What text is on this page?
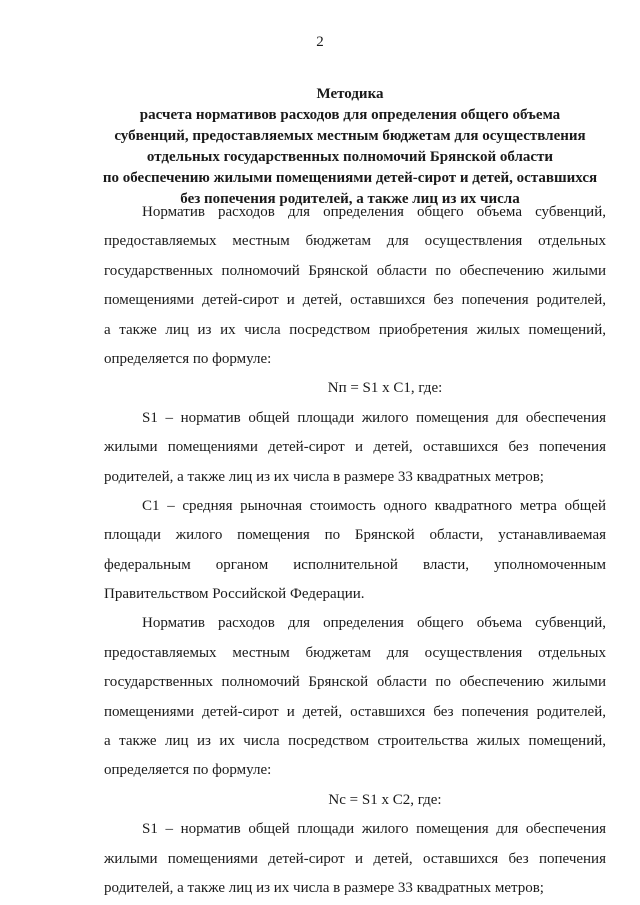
2
Методика
расчета нормативов расходов для определения общего объема
субвенций, предоставляемых местным бюджетам для осуществления
отдельных государственных полномочий Брянской области
по обеспечению жилыми помещениями детей-сирот и детей, оставшихся
без попечения родителей, а также лиц из их числа
Норматив расходов для определения общего объема субвенций,
предоставляемых местным бюджетам для осуществления отдельных
государственных полномочий Брянской области по обеспечению жилыми
помещениями детей-сирот и детей, оставшихся без попечения родителей,
а также лиц из их числа посредством приобретения жилых помещений,
определяется по формуле:
Nп = S1 х С1, где:
S1 – норматив общей площади жилого помещения для обеспечения
жилыми помещениями детей-сирот и детей, оставшихся без попечения
родителей, а также лиц из их числа в размере 33 квадратных метров;
С1 – средняя рыночная стоимость одного квадратного метра общей
площади жилого помещения по Брянской области, устанавливаемая
федеральным органом исполнительной власти, уполномоченным
Правительством Российской Федерации.
Норматив расходов для определения общего объема субвенций,
предоставляемых местным бюджетам для осуществления отдельных
государственных полномочий Брянской области по обеспечению жилыми
помещениями детей-сирот и детей, оставшихся без попечения родителей,
а также лиц из их числа посредством строительства жилых помещений,
определяется по формуле:
Nс = S1 х С2, где:
S1 – норматив общей площади жилого помещения для обеспечения
жилыми помещениями детей-сирот и детей, оставшихся без попечения
родителей, а также лиц из их числа в размере 33 квадратных метров;
